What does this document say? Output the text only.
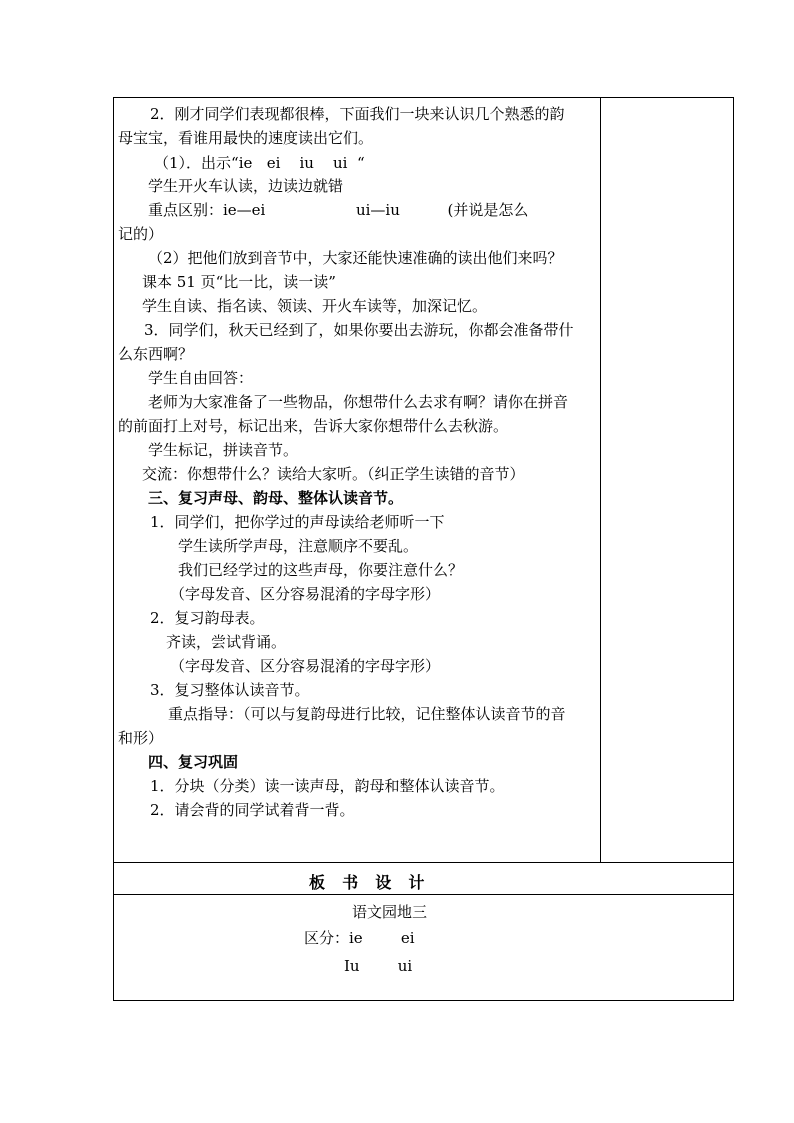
2．刚才同学们表现都很棒，下面我们一块来认识几个熟悉的韵
母宝宝，看谁用最快的速度读出它们。
（1）．出示“ie   ei    iu    ui  “
学生开火车认读，边读边就错
重点区别：ie—ei                   ui—iu          (并说是怎么
记的）
（2）把他们放到音节中，大家还能快速准确的读出他们来吗？
课本 51 页“比一比，读一读”
学生自读、指名读、领读、开火车读等，加深记忆。
3．同学们，秋天已经到了，如果你要出去游玩，你都会准备带什
么东西啊？
学生自由回答：
老师为大家准备了一些物品，你想带什么去求有啊？请你在拼音
的前面打上对号，标记出来，告诉大家你想带什么去秋游。
学生标记，拼读音节。
交流：你想带什么？读给大家听。（纠正学生读错的音节）
三、复习声母、韵母、整体认读音节。
1．同学们，把你学过的声母读给老师听一下
学生读所学声母，注意顺序不要乱。
我们已经学过的这些声母，你要注意什么？
（字母发音、区分容易混淆的字母字形）
2．复习韵母表。
齐读，尝试背诵。
（字母发音、区分容易混淆的字母字形）
3．复习整体认读音节。
重点指导：（可以与复韵母进行比较，记住整体认读音节的音
和形）
四、复习巩固
1．分块（分类）读一读声母，韵母和整体认读音节。
2．请会背的同学试着背一背。
板  书  设  计
语文园地三
区分：ie        ei
Iu        ui
